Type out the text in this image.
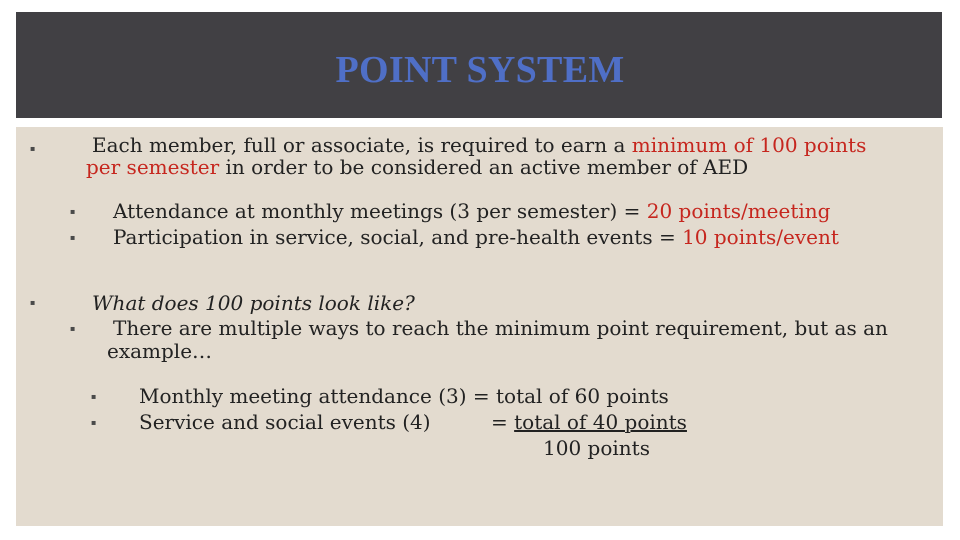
POINT SYSTEM
▪	Each member, full or associate, is required to earn a minimum of 100 points
per semester in order to be considered an active member of AED
▪ Attendance at monthly meetings (3 per semester) = 20 points/meeting
▪ Participation in service, social, and pre-health events = 10 points/event
▪	What does 100 points look like?
▪ There are multiple ways to reach the minimum point requirement, but as an
example…
▪ Monthly meeting attendance (3) = total of 60 points
▪ Service and social events (4)	= total of 40 points
100 points
